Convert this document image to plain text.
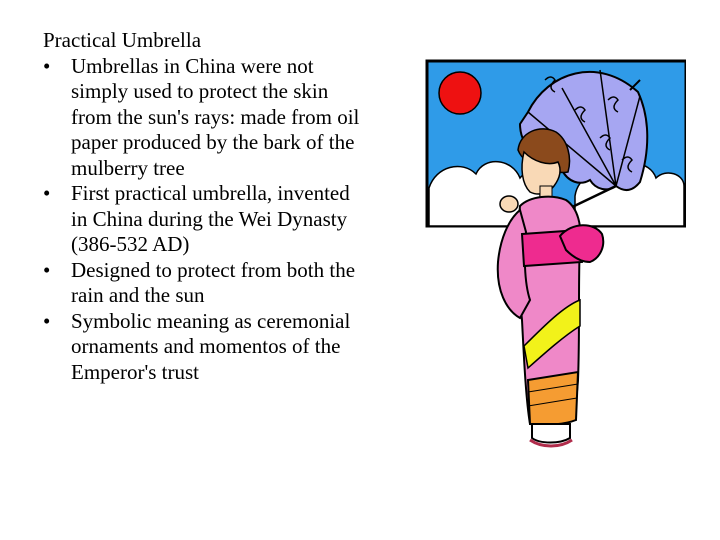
Practical Umbrella
• Umbrellas in China were not simply used to protect the skin from the sun's rays: made from oil paper produced by the bark of the mulberry tree
• First practical umbrella, invented in China during the Wei Dynasty (386-532 AD)
• Designed to protect from both the rain and the sun
• Symbolic meaning as ceremonial ornaments and momentos of the Emperor's trust
